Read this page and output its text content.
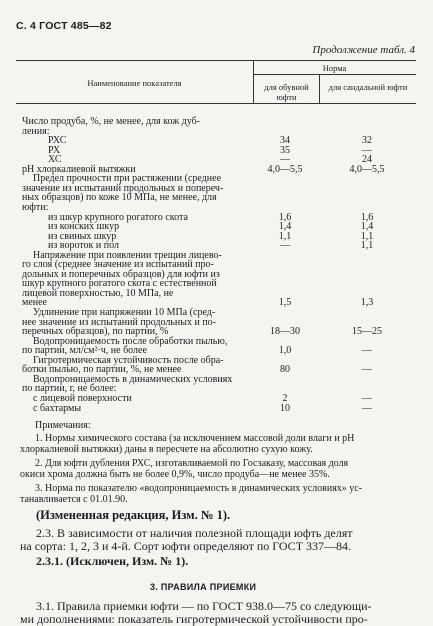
С. 4 ГОСТ 485—82
Продолжение табл. 4
Наименование показателя
Норма
для обувной юфти
для сандальной юфти
Число продуба, %, не менее, для кож дуб-
ления:
РХС	34	32
РХ	35	—
ХС	—	24
рН хлоркалиевой вытяжки	4,0—5,5	4,0—5,5
Предел прочности при растяжении (среднее
значение из испытаний продольных и попереч-
ных образцов) по коже 10 МПа, не менее, для
юфти:
из шкур крупного рогатого скота	1,6	1,6
из конских шкур	1,4	1,4
из свиных шкур	1,1	1,1
из вороток и пол	—	1,1
Напряжение при появлении трещин лицево-
го слоя (среднее значение из испытаний про-
дольных и поперечных образцов) для юфти из
шкур крупного рогатого скота с естественной
лицевой поверхностью, 10 МПа, не
менее	1,5	1,3
Удлинение при напряжении 10 МПа (сред-
нее значение из испытаний продольных и по-
перечных образцов), по партии, %	18—30	15—25
Водопроницаемость после обработки пылью,
по партии, мл/см²·ч, не более	1,0	—
Гигротермическая устойчивость после обра-
ботки пылью, по партии, %, не менее	80	—
Водопроницаемость в динамических условиях
по партии, г, не более:
с лицевой поверхности	2	—
с бахтармы	10	—
Примечания:
1. Нормы химического состава (за исключением массовой доли влаги и рН
хлоркалиевой вытяжки) даны в пересчете на абсолютно сухую кожу.
2. Для юфти дубления РХС, изготавливаемой по Госзаказу, массовая доля
окиси хрома должна быть не более 0,9%, число продуба—не менее 35%.
3. Норма по показателю «водопроницаемость в динамических условиях» ус-
танавливается с 01.01.90.
(Измененная редакция, Изм. № 1).
2.3. В зависимости от наличия полезной площади юфть делят
на сорта: 1, 2, 3 и 4-й. Сорт юфти определяют по ГОСТ 337—84.
2.3.1. (Исключен, Изм. № 1).
3. ПРАВИЛА ПРИЕМКИ
3.1. Правила приемки юфти — по ГОСТ 938.0—75 со следующи-
ми дополнениями: показатель гигротермической устойчивости про-
